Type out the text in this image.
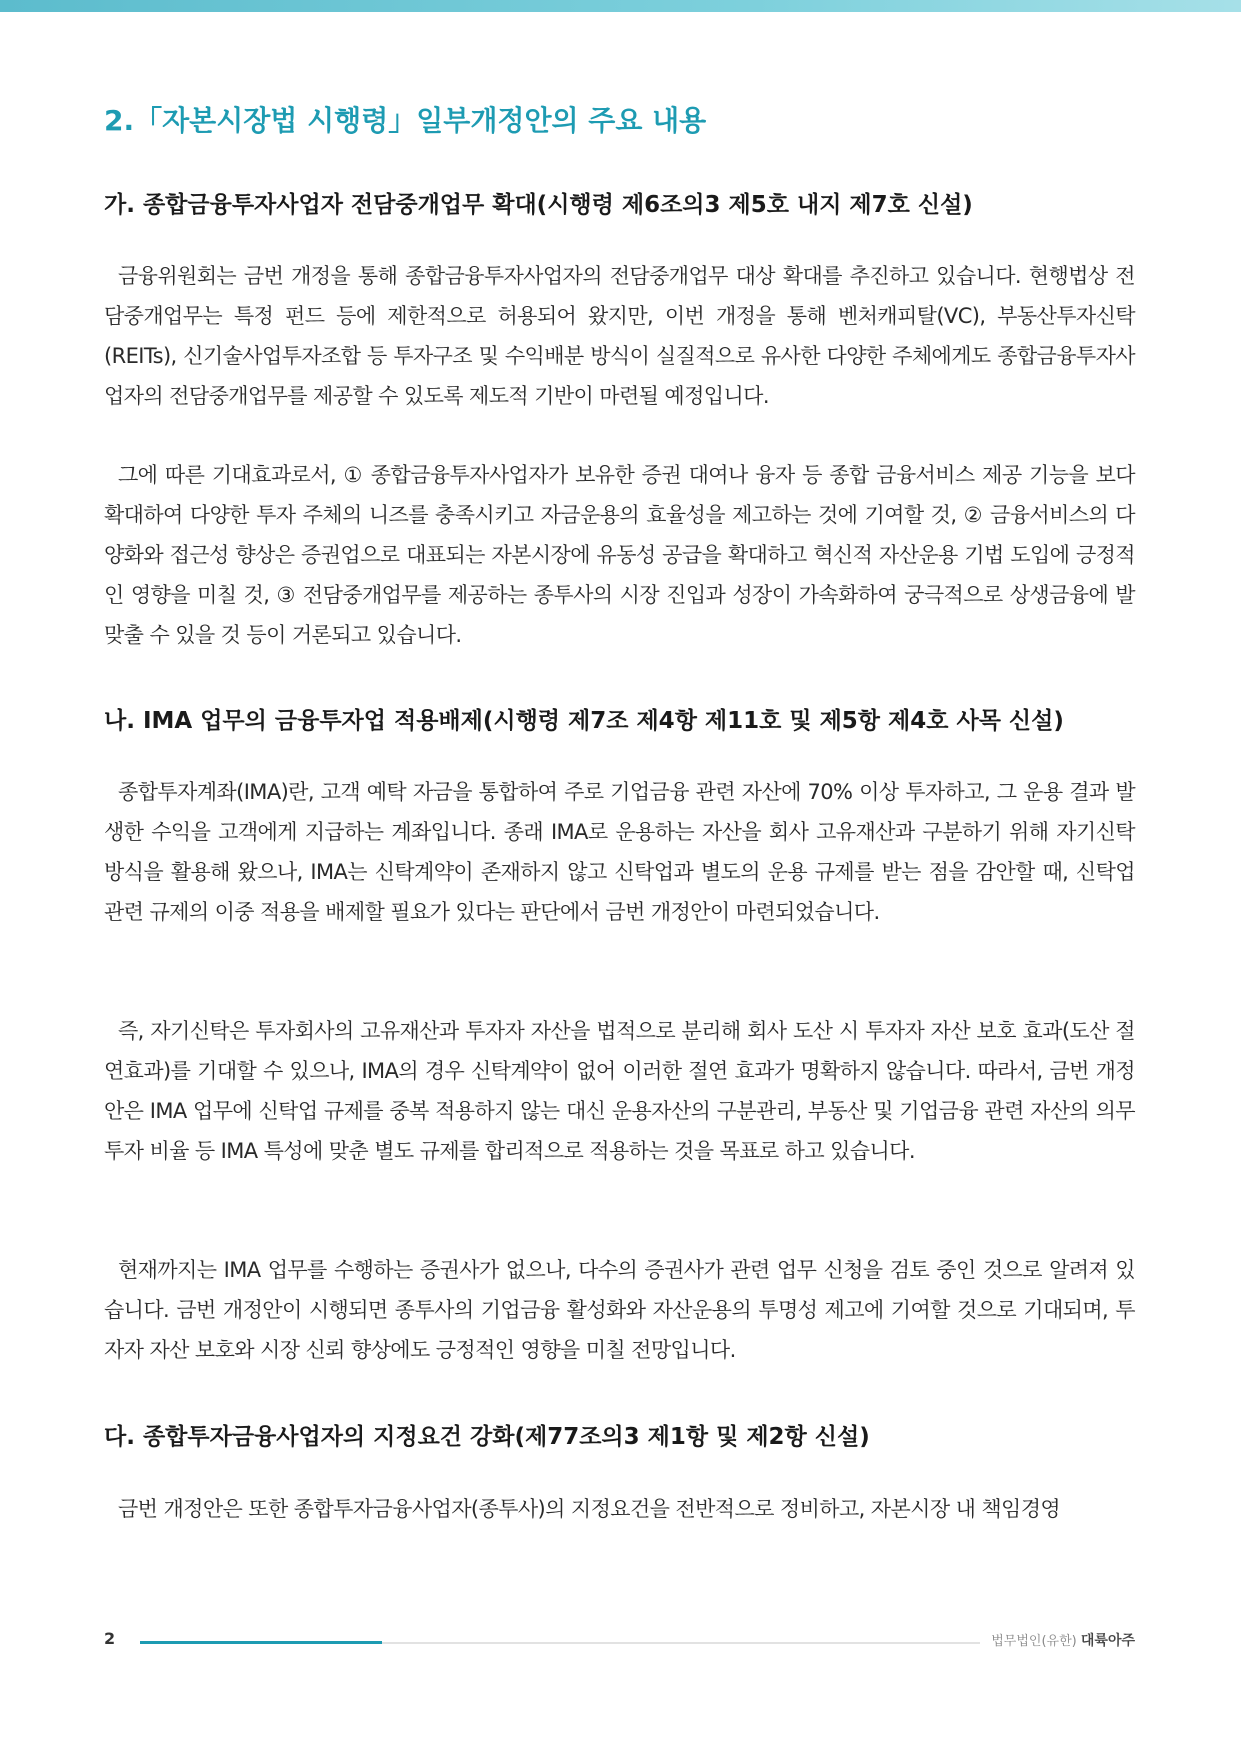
2.「자본시장법 시행령」일부개정안의 주요 내용
가. 종합금융투자사업자 전담중개업무 확대(시행령 제6조의3 제5호 내지 제7호 신설)

금융위원회는 금번 개정을 통해 종합금융투자사업자의 전담중개업무 대상 확대를 추진하고 있습니다. 현행법상 전담중개업무는 특정 펀드 등에 제한적으로 허용되어 왔지만, 이번 개정을 통해 벤처캐피탈(VC), 부동산투자신탁(REITs), 신기술사업투자조합 등 투자구조 및 수익배분 방식이 실질적으로 유사한 다양한 주체에게도 종합금융투자사업자의 전담중개업무를 제공할 수 있도록 제도적 기반이 마련될 예정입니다.

그에 따른 기대효과로서, ① 종합금융투자사업자가 보유한 증권 대여나 융자 등 종합 금융서비스 제공 기능을 보다 확대하여 다양한 투자 주체의 니즈를 충족시키고 자금운용의 효율성을 제고하는 것에 기여할 것, ② 금융서비스의 다양화와 접근성 향상은 증권업으로 대표되는 자본시장에 유동성 공급을 확대하고 혁신적 자산운용 기법 도입에 긍정적인 영향을 미칠 것, ③ 전담중개업무를 제공하는 종투사의 시장 진입과 성장이 가속화하여 궁극적으로 상생금융에 발맞출 수 있을 것 등이 거론되고 있습니다.

나. IMA 업무의 금융투자업 적용배제(시행령 제7조 제4항 제11호 및 제5항 제4호 사목 신설)

종합투자계좌(IMA)란, 고객 예탁 자금을 통합하여 주로 기업금융 관련 자산에 70% 이상 투자하고, 그 운용 결과 발생한 수익을 고객에게 지급하는 계좌입니다. 종래 IMA로 운용하는 자산을 회사 고유재산과 구분하기 위해 자기신탁 방식을 활용해 왔으나, IMA는 신탁계약이 존재하지 않고 신탁업과 별도의 운용 규제를 받는 점을 감안할 때, 신탁업 관련 규제의 이중 적용을 배제할 필요가 있다는 판단에서 금번 개정안이 마련되었습니다.

즉, 자기신탁은 투자회사의 고유재산과 투자자 자산을 법적으로 분리해 회사 도산 시 투자자 자산 보호 효과(도산 절연효과)를 기대할 수 있으나, IMA의 경우 신탁계약이 없어 이러한 절연 효과가 명확하지 않습니다. 따라서, 금번 개정안은 IMA 업무에 신탁업 규제를 중복 적용하지 않는 대신 운용자산의 구분관리, 부동산 및 기업금융 관련 자산의 의무투자 비율 등 IMA 특성에 맞춘 별도 규제를 합리적으로 적용하는 것을 목표로 하고 있습니다.

현재까지는 IMA 업무를 수행하는 증권사가 없으나, 다수의 증권사가 관련 업무 신청을 검토 중인 것으로 알려져 있습니다. 금번 개정안이 시행되면 종투사의 기업금융 활성화와 자산운용의 투명성 제고에 기여할 것으로 기대되며, 투자자 자산 보호와 시장 신뢰 향상에도 긍정적인 영향을 미칠 전망입니다.

다. 종합투자금융사업자의 지정요건 강화(제77조의3 제1항 및 제2항 신설)

금번 개정안은 또한 종합투자금융사업자(종투사)의 지정요건을 전반적으로 정비하고, 자본시장 내 책임경영

2	법무법인(유한) 대륙아주
